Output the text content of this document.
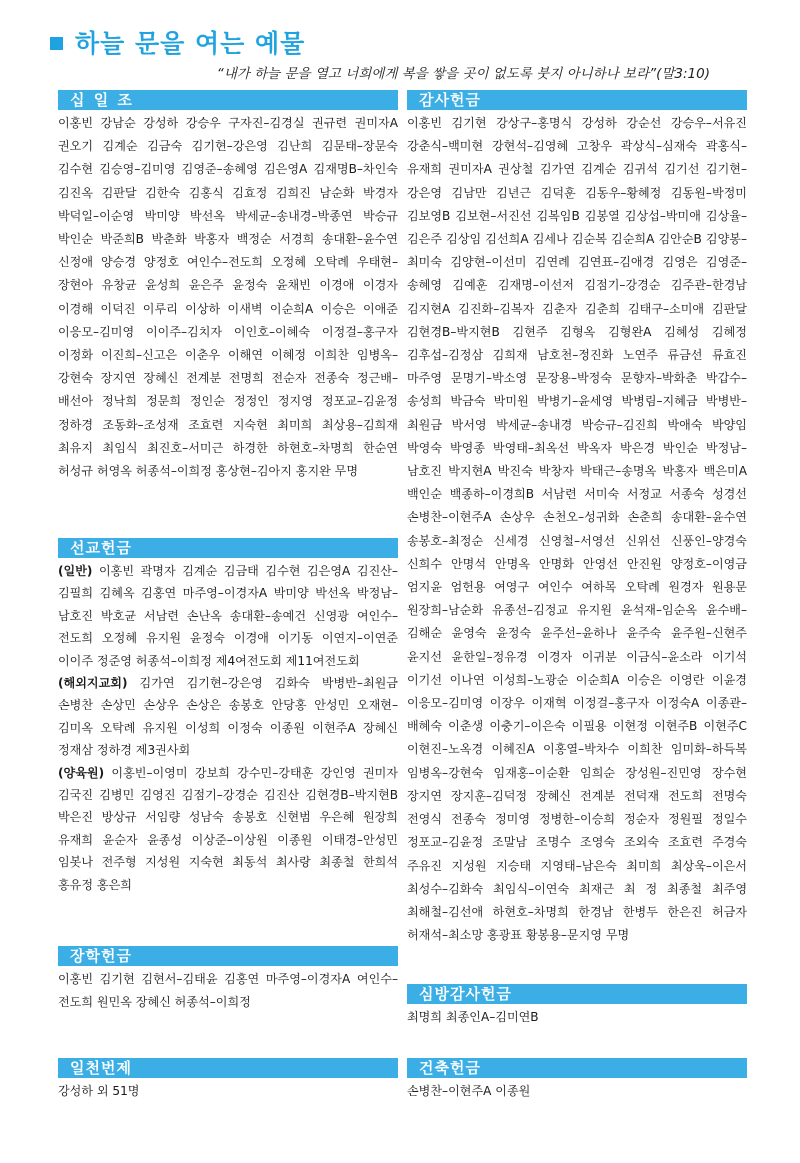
하늘 문을 여는 예물
“내가 하늘 문을 열고 너희에게 복을 쌓을 곳이 없도록 붓지 아니하나 보라”(말3:10)
십 일 조
이홍빈 강남순 강성하 강승우 구자진–김경실 권규련 권미자A 권오기 김계순 김금숙 김기현–강은영 김난희 김문태–장문숙 김수현 김승영–김미영 김영준–송혜영 김은영A 김재명B–차인숙 김진옥 김판달 김한숙 김홍식 김효정 김희진 남순화 박경자 박덕일–이순영 박미양 박선옥 박세균–송내경–박종연 박승규 박인순 박준희B 박춘화 박홍자 백정순 서경희 송대환–윤수연 신정애 양승경 양정호 여인수–전도희 오정혜 오탁례 우태현–장현아 유창균 윤성희 윤은주 윤정숙 윤채빈 이경애 이경자 이경해 이덕진 이루리 이상하 이새벽 이순희A 이승은 이애준 이응모–김미영 이이주–김치자 이인호–이혜숙 이정걸–홍구자 이정화 이진희–신고은 이춘우 이해연 이혜정 이희찬 임병옥–강현숙 장지연 장혜신 전계분 전명희 전순자 전종숙 정근배–배선아 정낙희 정문희 정인순 정정인 정지영 정포교–김윤정 정하경 조동화–조성재 조효련 지숙현 최미희 최상용–김희재 최유지 최임식 최진호–서미근 하경한 하현호–차명희 한순연 허성규 허영옥 허종석–이희정 홍상현–김아지 홍지완 무명
선교헌금
(일반) 이홍빈 곽명자 김계순 김금태 김수현 김은영A 김진산–김필희 김혜옥 김홍연 마주영–이경자A 박미양 박선옥 박정남–남호진 박호균 서남련 손난옥 송대환–송예건 신영광 여인수–전도희 오정혜 유지원 윤정숙 이경애 이기동 이연지–이연준 이이주 정준영 허종석–이희정 제4여전도회 제11여전도회
(해외지교회) 김가연 김기현–강은영 김화숙 박병반–최원금 손병찬 손상민 손상우 손상은 송봉호 안당홍 안성민 오재현–김미옥 오탁례 유지원 이성희 이정숙 이종원 이현주A 장혜신 정재삼 정하경 제3권사회
(양육원) 이홍빈–이영미 강보희 강수민–강태훈 강인영 권미자 김국진 김병민 김영진 김점기–강경순 김진산 김현경B–박지현B 박은진 방상규 서임량 성남숙 송봉호 신현범 우은혜 원장희 유재희 윤순자 윤종성 이상준–이상원 이종원 이태경–안성민 임봇나 전주형 지성원 지숙현 최동석 최사랑 최종철 한희석 홍유정 홍은희
장학헌금
이홍빈 김기현 김현서–김태윤 김홍연 마주영–이경자A 여인수–전도희 원민옥 장혜신 허종석–이희정
일천번제
강성하 외 51명
감사헌금
이홍빈 김기현 강상구–홍명식 강성하 강순선 강승우–서유진 강춘식–백미현 강현석–김영혜 고창우 곽상식–심재숙 곽홍식–유재희 권미자A 권상철 김가연 김계순 김귀석 김기선 김기현–강은영 김남만 김년근 김덕훈 김동우–황혜정 김동원–박정미 김보영B 김보현–서진선 김복임B 김봉열 김상섭–박미애 김상율–김은주 김상임 김선희A 김세나 김순복 김순희A 김안순B 김양봉–최미숙 김양현–이선미 김연례 김연표–김애경 김영은 김영준–송혜영 김예훈 김재명–이선저 김점기–강경순 김주관–한경남 김지현A 김진화–김복자 김춘자 김춘희 김태구–소미애 김판달 김현경B–박지현B 김현주 김형옥 김형완A 김혜성 김혜정 김후섭–김정삼 김희재 남호천–정진화 노연주 류금선 류효진 마주영 문명기–박소영 문장용–박정숙 문향자–박화춘 박갑수–송성희 박금숙 박미원 박병기–윤세영 박병림–지혜금 박병반–최원금 박서영 박세균–송내경 박승규–김진희 박애숙 박양임 박영숙 박영종 박영태–최옥선 박옥자 박은경 박인순 박정남–남호진 박지현A 박진숙 박창자 박태근–송명옥 박홍자 백은미A 백인순 백종하–이경희B 서남련 서미숙 서정교 서종숙 성경선 손병찬–이현주A 손상우 손천오–성귀화 손춘희 송대환–윤수연 송봉호–최정순 신세경 신영철–서영선 신위선 신풍인–양경숙 신희수 안명석 안명옥 안명화 안영선 안진원 양정호–이영금 엄지윤 엄헌용 여영구 여인수 여하목 오탁례 원경자 원용문 원장희–남순화 유종선–김정교 유지원 윤석재–임순옥 윤수배–김해순 윤영숙 윤정숙 윤주선–윤하나 윤주숙 윤주원–신현주 윤지선 윤한일–정유경 이경자 이귀분 이금식–윤소라 이기석 이기선 이나연 이성희–노광순 이순희A 이승은 이영란 이윤경 이응모–김미영 이장우 이재혁 이정걸–홍구자 이정숙A 이종관–배혜숙 이춘생 이충기–이은숙 이필용 이현정 이현주B 이현주C 이현진–노옥경 이혜진A 이홍열–박차수 이희찬 임미화–하득복 임병옥–강현숙 임재홍–이순환 임희순 장성원–진민영 장수현 장지연 장지훈–김덕정 장혜신 전계분 전덕재 전도희 전명숙 전영식 전종숙 정미영 정병한–이승희 정순자 정원필 정일수 정포교–김윤정 조말남 조명수 조영숙 조외숙 조효련 주경숙 주유진 지성원 지승태 지영태–남은숙 최미희 최상욱–이은서 최성수–김화숙 최임식–이연숙 최재근 최 정 최종철 최주영 최해철–김선애 하현호–차명희 한경남 한병두 한은진 허금자 허재석–최소망 홍광표 황봉용–문지영 무명
심방감사헌금
최명희 최종인A–김미연B
건축헌금
손병찬–이현주A 이종원
